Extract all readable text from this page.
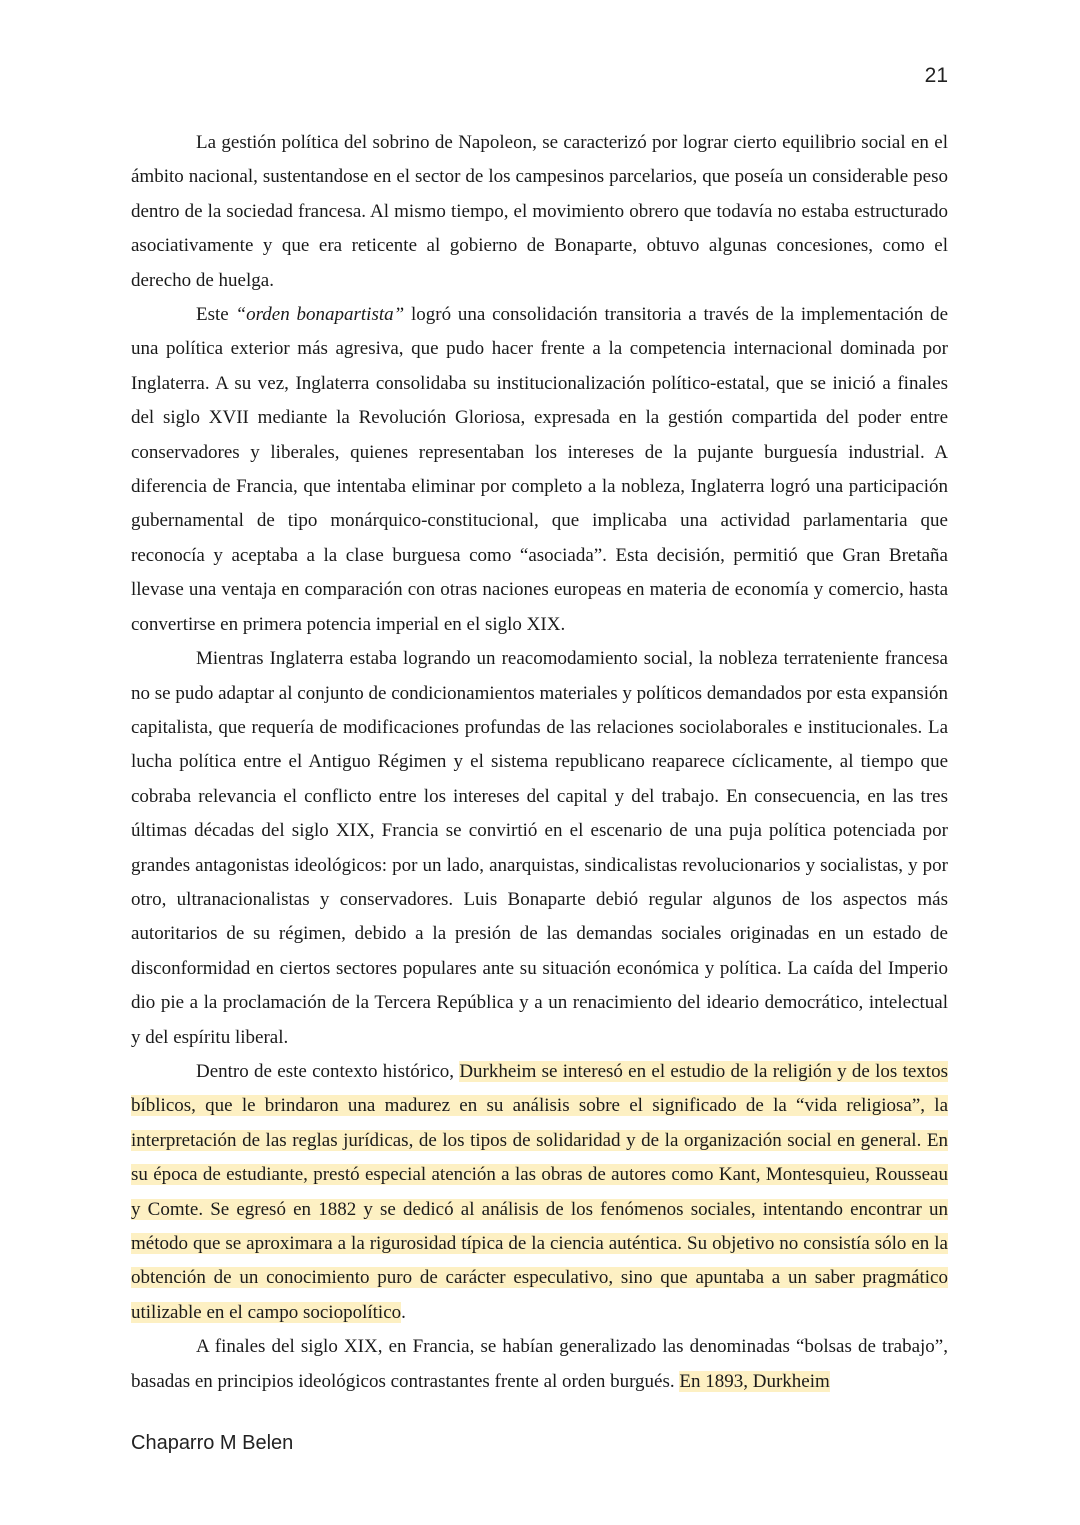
21

La gestión política del sobrino de Napoleon, se caracterizó por lograr cierto equilibrio social en el ámbito nacional, sustentandose en el sector de los campesinos parcelarios, que poseía un considerable peso dentro de la sociedad francesa. Al mismo tiempo, el movimiento obrero que todavía no estaba estructurado asociativamente y que era reticente al gobierno de Bonaparte, obtuvo algunas concesiones, como el derecho de huelga.

Este “orden bonapartista” logró una consolidación transitoria a través de la implementación de una política exterior más agresiva, que pudo hacer frente a la competencia internacional dominada por Inglaterra. A su vez, Inglaterra consolidaba su institucionalización político-estatal, que se inició a finales del siglo XVII mediante la Revolución Gloriosa, expresada en la gestión compartida del poder entre conservadores y liberales, quienes representaban los intereses de la pujante burguesía industrial. A diferencia de Francia, que intentaba eliminar por completo a la nobleza, Inglaterra logró una participación gubernamental de tipo monárquico-constitucional, que implicaba una actividad parlamentaria que reconocía y aceptaba a la clase burguesa como “asociada”. Esta decisión, permitió que Gran Bretaña llevase una ventaja en comparación con otras naciones europeas en materia de economía y comercio, hasta convertirse en primera potencia imperial en el siglo XIX.

Mientras Inglaterra estaba logrando un reacomodamiento social, la nobleza terrateniente francesa no se pudo adaptar al conjunto de condicionamientos materiales y políticos demandados por esta expansión capitalista, que requería de modificaciones profundas de las relaciones sociolaborales e institucionales. La lucha política entre el Antiguo Régimen y el sistema republicano reaparece cíclicamente, al tiempo que cobraba relevancia el conflicto entre los intereses del capital y del trabajo. En consecuencia, en las tres últimas décadas del siglo XIX, Francia se convirtió en el escenario de una puja política potenciada por grandes antagonistas ideológicos: por un lado, anarquistas, sindicalistas revolucionarios y socialistas, y por otro, ultranacionalistas y conservadores. Luis Bonaparte debió regular algunos de los aspectos más autoritarios de su régimen, debido a la presión de las demandas sociales originadas en un estado de disconformidad en ciertos sectores populares ante su situación económica y política. La caída del Imperio dio pie a la proclamación de la Tercera República y a un renacimiento del ideario democrático, intelectual y del espíritu liberal.

Dentro de este contexto histórico, Durkheim se interesó en el estudio de la religión y de los textos bíblicos, que le brindaron una madurez en su análisis sobre el significado de la “vida religiosa”, la interpretación de las reglas jurídicas, de los tipos de solidaridad y de la organización social en general. En su época de estudiante, prestó especial atención a las obras de autores como Kant, Montesquieu, Rousseau y Comte. Se egresó en 1882 y se dedicó al análisis de los fenómenos sociales, intentando encontrar un método que se aproximara a la rigurosidad típica de la ciencia auténtica. Su objetivo no consistía sólo en la obtención de un conocimiento puro de carácter especulativo, sino que apuntaba a un saber pragmático utilizable en el campo sociopolítico.

A finales del siglo XIX, en Francia, se habían generalizado las denominadas “bolsas de trabajo”, basadas en principios ideológicos contrastantes frente al orden burgués. En 1893, Durkheim

Chaparro M Belen
